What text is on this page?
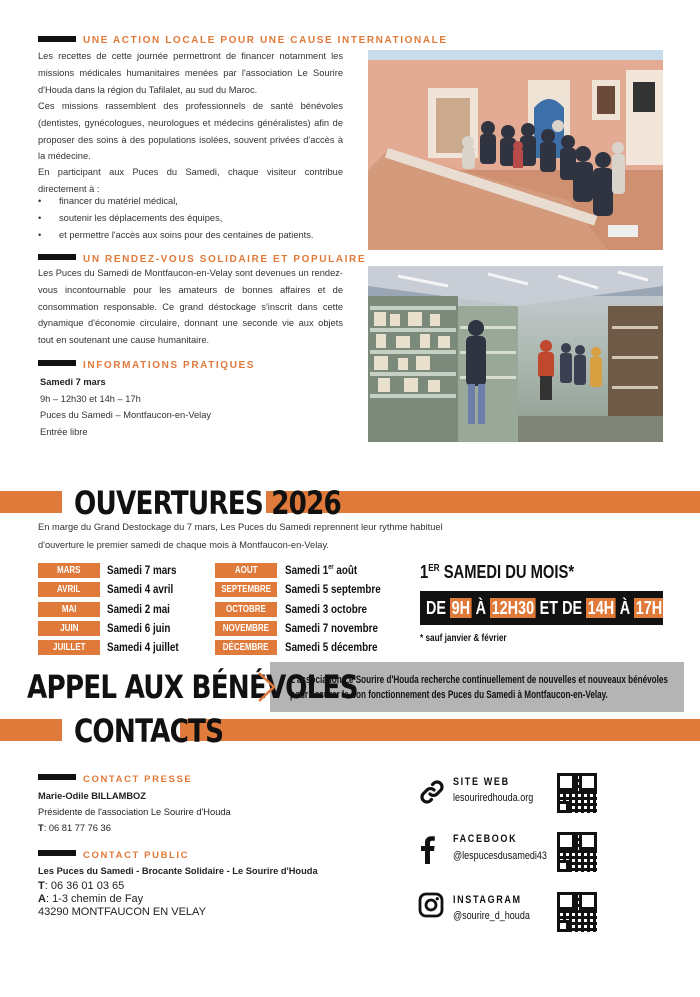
UNE ACTION LOCALE POUR UNE CAUSE INTERNATIONALE
Les recettes de cette journée permettront de financer notamment les missions médicales humanitaires menées par l'association Le Sourire d'Houda dans la région du Tafilalet, au sud du Maroc.
Ces missions rassemblent des professionnels de santé bénévoles (dentistes, gynécologues, neurologues et médecins généralistes) afin de proposer des soins à des populations isolées, souvent privées d'accès à la médecine.
En participant aux Puces du Samedi, chaque visiteur contribue directement à :
• financer du matériel médical,
• soutenir les déplacements des équipes,
• et permettre l'accès aux soins pour des centaines de patients.
UN RENDEZ-VOUS SOLIDAIRE ET POPULAIRE
Les Puces du Samedi de Montfaucon-en-Velay sont devenues un rendez-vous incontournable pour les amateurs de bonnes affaires et de consommation responsable. Ce grand déstockage s'inscrit dans cette dynamique d'économie circulaire, donnant une seconde vie aux objets tout en soutenant une cause humanitaire.
INFORMATIONS PRATIQUES
Samedi 7 mars
9h – 12h30 et 14h – 17h
Puces du Samedi – Montfaucon-en-Velay
Entrée libre
OUVERTURES 2026
En marge du Grand Destockage du 7 mars, Les Puces du Samedi reprennent leur rythme habituel
d'ouverture le premier samedi de chaque mois à Montfaucon-en-Velay.
MARS	Samedi 7 mars
AVRIL	Samedi 4 avril
MAI	Samedi 2 mai
JUIN	Samedi 6 juin
JUILLET	Samedi 4 juillet
AOUT	Samedi 1er août
SEPTEMBRE	Samedi 5 septembre
OCTOBRE	Samedi 3 octobre
NOVEMBRE	Samedi 7 novembre
DÉCEMBRE	Samedi 5 décembre
1ER SAMEDI DU MOIS*
DE 9H À 12H30 ET DE 14H À 17H
* sauf janvier & février
APPEL AUX BÉNÉVOLES
L'association Le Sourire d'Houda recherche continuellement de nouvelles et nouveaux bénévoles
pour assurer le bon fonctionnement des Puces du Samedi à Montfaucon-en-Velay.
CONTACTS
CONTACT PRESSE
Marie-Odile BILLAMBOZ
Présidente de l'association Le Sourire d'Houda
T: 06 81 77 76 36
CONTACT PUBLIC
Les Puces du Samedi - Brocante Solidaire - Le Sourire d'Houda
T: 06 36 01 03 65
A: 1-3 chemin de Fay
43290 MONTFAUCON EN VELAY
SITE WEB
lesouriredhouda.org
FACEBOOK
@lespucesdusamedi43
INSTAGRAM
@sourire_d_houda
